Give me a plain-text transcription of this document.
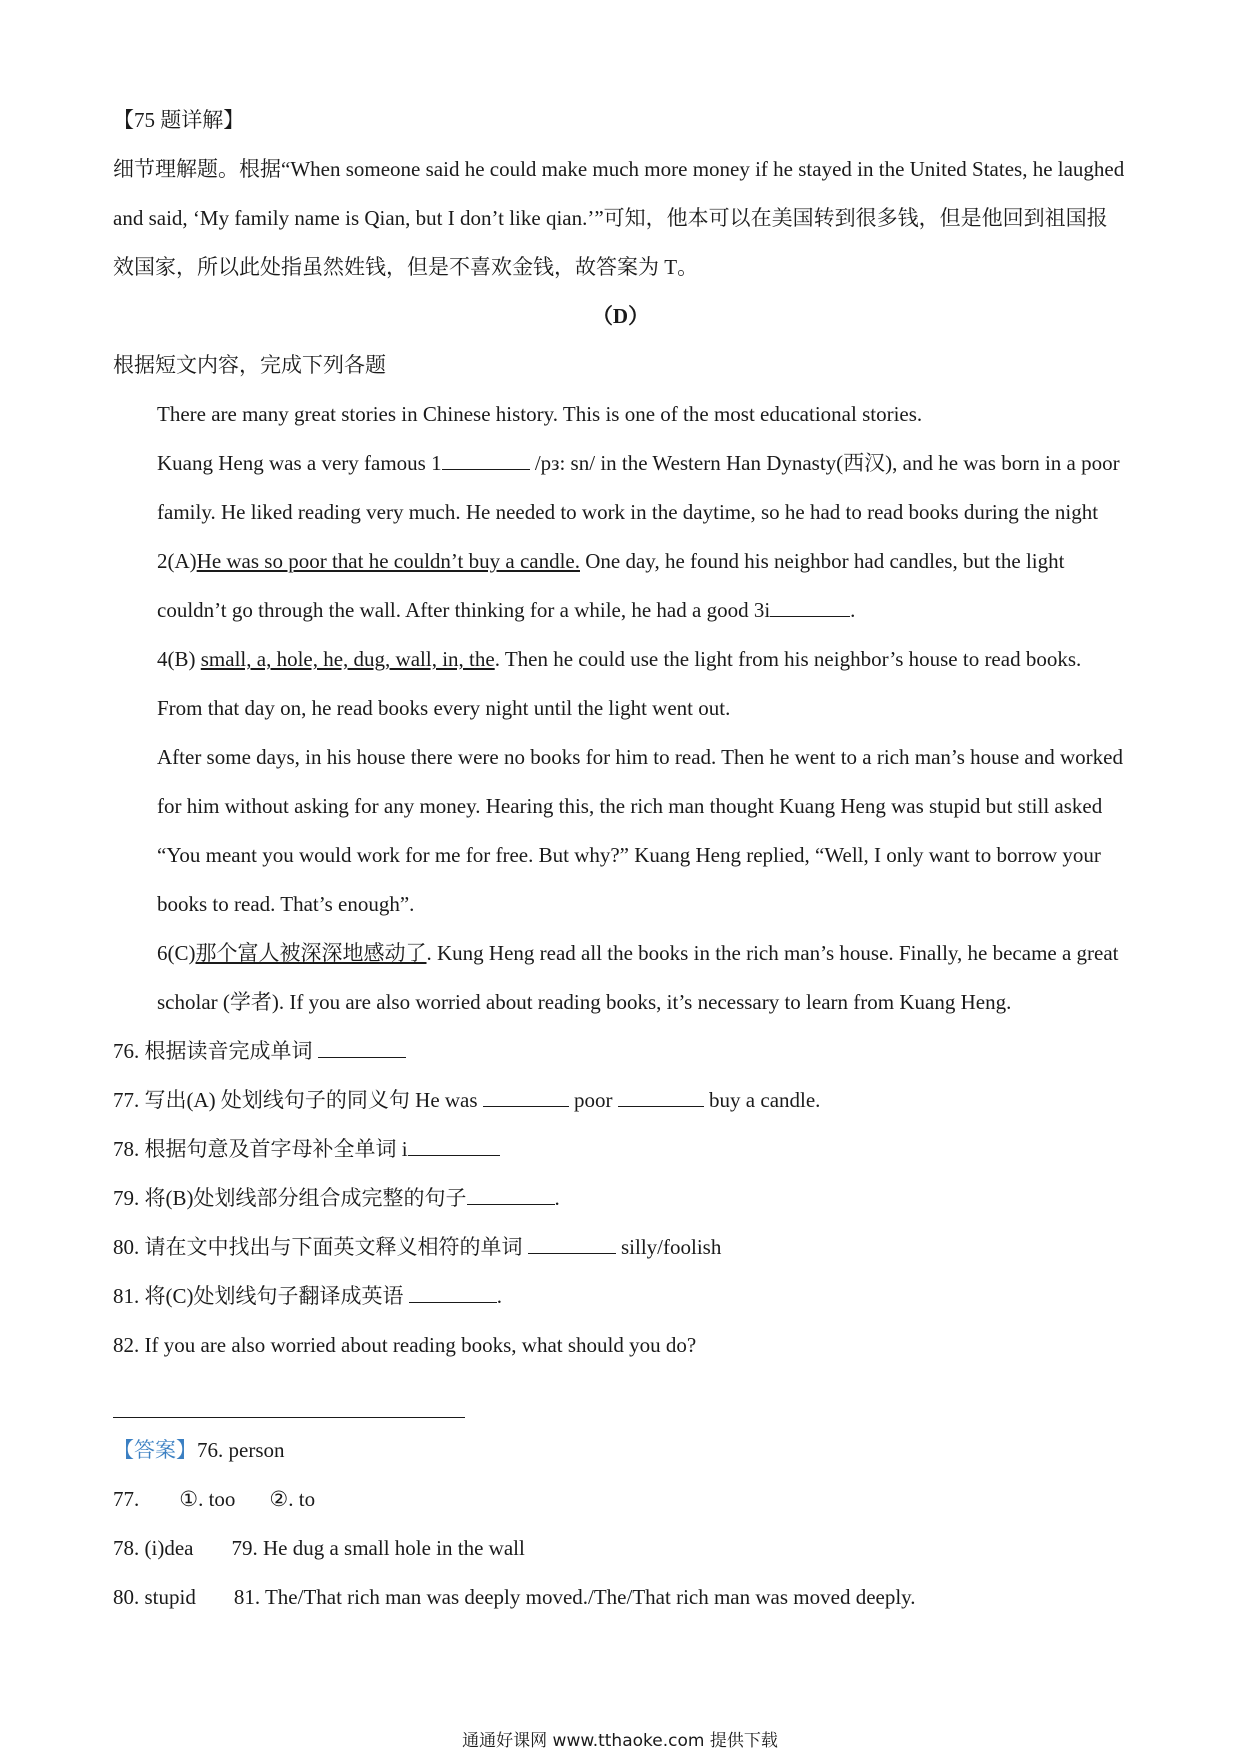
【75 题详解】

细节理解题。根据“When someone said he could make much more money if he stayed in the United States, he laughed and said, ‘My family name is Qian, but I don’t like qian.’”可知，他本可以在美国转到很多钱，但是他回到祖国报效国家，所以此处指虽然姓钱，但是不喜欢金钱，故答案为 T。

（D）

根据短文内容，完成下列各题

There are many great stories in Chinese history. This is one of the most educational stories.

Kuang Heng was a very famous 1	/pз: sn/ in the Western Han Dynasty(西汉), and he was born in a poor family. He liked reading very much. He needed to work in the daytime, so he had to read books during the night 2(A)He was so poor that he couldn’t buy a candle. One day, he found his neighbor had candles, but the light couldn’t go through the wall. After thinking for a while, he had a good 3i	.

4(B) small, a, hole, he, dug, wall, in, the. Then he could use the light from his neighbor’s house to read books. From that day on, he read books every night until the light went out.

After some days, in his house there were no books for him to read. Then he went to a rich man’s house and worked for him without asking for any money. Hearing this, the rich man thought Kuang Heng was stupid but still asked “You meant you would work for me for free. But why?” Kuang Heng replied, “Well, I only want to borrow your books to read. That’s enough”.

6(C)那个富人被深深地感动了. Kung Heng read all the books in the rich man’s house. Finally, he became a great scholar (学者). If you are also worried about reading books, it’s necessary to learn from Kuang Heng.

76. 根据读音完成单词

77. 写出(A) 处划线句子的同义句 He was	poor	buy a candle.

78. 根据句意及首字母补全单词 i

79. 将(B)处划线部分组合成完整的句子	.

80. 请在文中找出与下面英文释义相符的单词	silly/foolish

81. 将(C)处划线句子翻译成英语	.

82. If you are also worried about reading books, what should you do?

【答案】76. person

77. ①. too ②. to

78. (i)dea 79. He dug a small hole in the wall

80. stupid 81. The/That rich man was deeply moved./The/That rich man was moved deeply.

通通好课网 www.tthaoke.com 提供下载
